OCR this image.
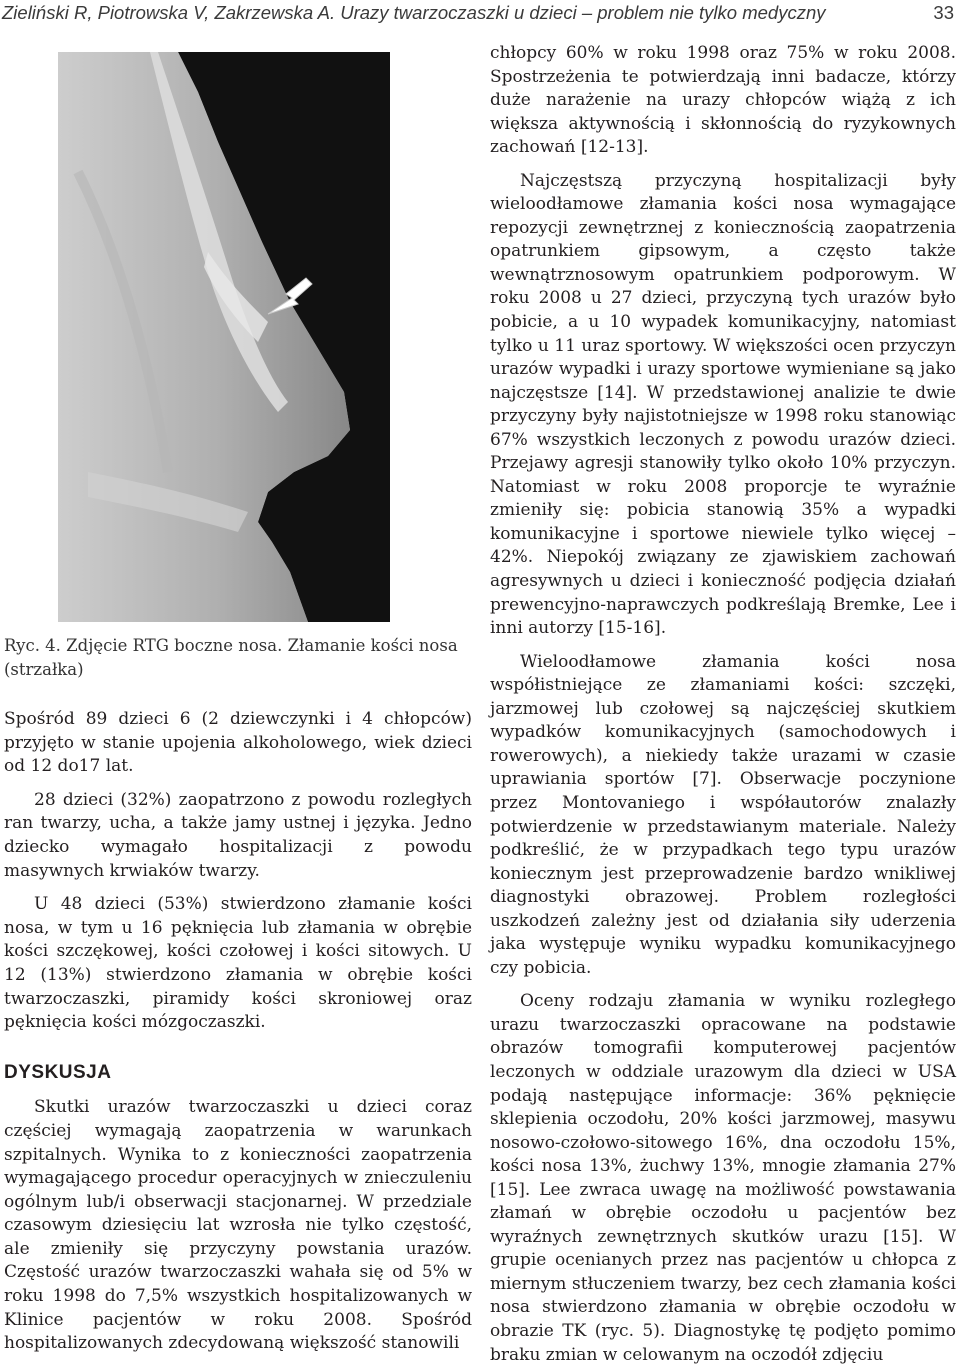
Zieliński R, Piotrowska V, Zakrzewska A. Urazy twarzoczaszki u dzieci – problem nie tylko medyczny	33
Ryc. 4. Zdjęcie RTG boczne nosa. Złamanie kości nosa (strzałka)

Spośród 89 dzieci 6 (2 dziewczynki i 4 chłopców) przyjęto w stanie upojenia alkoholowego, wiek dzieci od 12 do17 lat.

28 dzieci (32%) zaopatrzono z powodu rozległych ran twarzy, ucha, a także jamy ustnej i języka. Jedno dziecko wymagało hospitalizacji z powodu masywnych krwiaków twarzy.

U 48 dzieci (53%) stwierdzono złamanie kości nosa, w tym u 16 pęknięcia lub złamania w obrębie kości szczękowej, kości czołowej i kości sitowych. U 12 (13%) stwierdzono złamania w obrębie kości twarzoczaszki, piramidy kości skroniowej oraz pęknięcia kości mózgoczaszki.

DYSKUSJA

Skutki urazów twarzoczaszki u dzieci coraz częściej wymagają zaopatrzenia w warunkach szpitalnych. Wynika to z konieczności zaopatrzenia wymagającego procedur operacyjnych w znieczuleniu ogólnym lub/i obserwacji stacjonarnej. W przedziale czasowym dziesięciu lat wzrosła nie tylko częstość, ale zmieniły się przyczyny powstania urazów. Częstość urazów twarzoczaszki wahała się od 5% w roku 1998 do 7,5% wszystkich hospitalizowanych w Klinice pacjentów w roku 2008. Spośród hospitalizowanych zdecydowaną większość stanowili

chłopcy 60% w roku 1998 oraz 75% w roku 2008. Spostrzeżenia te potwierdzają inni badacze, którzy duże narażenie na urazy chłopców wiążą z ich większa aktywnością i skłonnością do ryzykownych zachowań [12-13].

Najczęstszą przyczyną hospitalizacji były wieloodłamowe złamania kości nosa wymagające repozycji zewnętrznej z koniecznością zaopatrzenia opatrunkiem gipsowym, a często także wewnątrznosowym opatrunkiem podporowym. W roku 2008 u 27 dzieci, przyczyną tych urazów było pobicie, a u 10 wypadek komunikacyjny, natomiast tylko u 11 uraz sportowy. W większości ocen przyczyn urazów wypadki i urazy sportowe wymieniane są jako najczęstsze [14]. W przedstawionej analizie te dwie przyczyny były najistotniejsze w 1998 roku stanowiąc 67% wszystkich leczonych z powodu urazów dzieci. Przejawy agresji stanowiły tylko około 10% przyczyn. Natomiast w roku 2008 proporcje te wyraźnie zmieniły się: pobicia stanowią 35% a wypadki komunikacyjne i sportowe niewiele tylko więcej – 42%. Niepokój związany ze zjawiskiem zachowań agresywnych u dzieci i konieczność podjęcia działań prewencyjno-naprawczych podkreślają Bremke, Lee i inni autorzy [15-16].

Wieloodłamowe złamania kości nosa współistniejące ze złamaniami kości: szczęki, jarzmowej lub czołowej są najczęściej skutkiem wypadków komunikacyjnych (samochodowych i rowerowych), a niekiedy także urazami w czasie uprawiania sportów [7]. Obserwacje poczynione przez Montovaniego i współautorów znalazły potwierdzenie w przedstawianym materiale. Należy podkreślić, że w przypadkach tego typu urazów koniecznym jest przeprowadzenie bardzo wnikliwej diagnostyki obrazowej. Problem rozległości uszkodzeń zależny jest od działania siły uderzenia jaka występuje wyniku wypadku komunikacyjnego czy pobicia.

Oceny rodzaju złamania w wyniku rozległego urazu twarzoczaszki opracowane na podstawie obrazów tomografii komputerowej pacjentów leczonych w oddziale urazowym dla dzieci w USA podają następujące informacje: 36% pęknięcie sklepienia oczodołu, 20% kości jarzmowej, masywu nosowo-czołowo-sitowego 16%, dna oczodołu 15%, kości nosa 13%, żuchwy 13%, mnogie złamania 27% [15]. Lee zwraca uwagę na możliwość powstawania złamań w obrębie oczodołu u pacjentów bez wyraźnych zewnętrznych skutków urazu [15]. W grupie ocenianych przez nas pacjentów u chłopca z miernym stłuczeniem twarzy, bez cech złamania kości nosa stwierdzono złamania w obrębie oczodołu w obrazie TK (ryc. 5). Diagnostykę tę podjęto pomimo braku zmian w celowanym na oczodół zdjęciu
